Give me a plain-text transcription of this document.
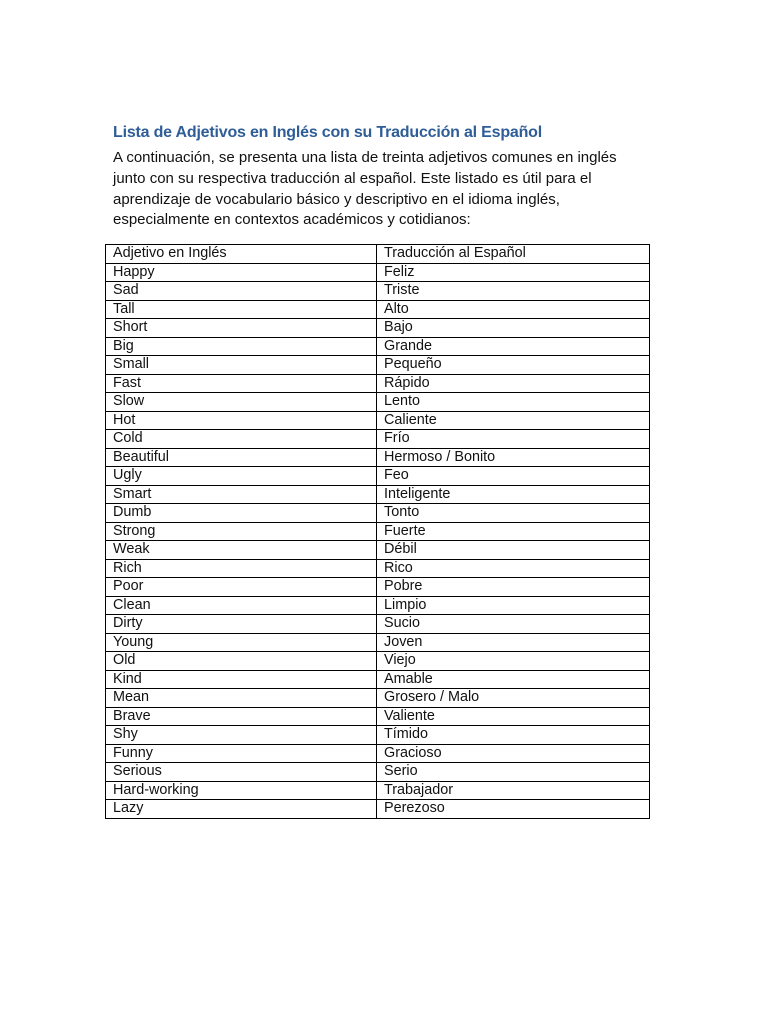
Lista de Adjetivos en Inglés con su Traducción al Español

A continuación, se presenta una lista de treinta adjetivos comunes en inglés junto con su respectiva traducción al español. Este listado es útil para el aprendizaje de vocabulario básico y descriptivo en el idioma inglés, especialmente en contextos académicos y cotidianos:

Adjetivo en Inglés	Traducción al Español
Happy	Feliz
Sad	Triste
Tall	Alto
Short	Bajo
Big	Grande
Small	Pequeño
Fast	Rápido
Slow	Lento
Hot	Caliente
Cold	Frío
Beautiful	Hermoso / Bonito
Ugly	Feo
Smart	Inteligente
Dumb	Tonto
Strong	Fuerte
Weak	Débil
Rich	Rico
Poor	Pobre
Clean	Limpio
Dirty	Sucio
Young	Joven
Old	Viejo
Kind	Amable
Mean	Grosero / Malo
Brave	Valiente
Shy	Tímido
Funny	Gracioso
Serious	Serio
Hard-working	Trabajador
Lazy	Perezoso
